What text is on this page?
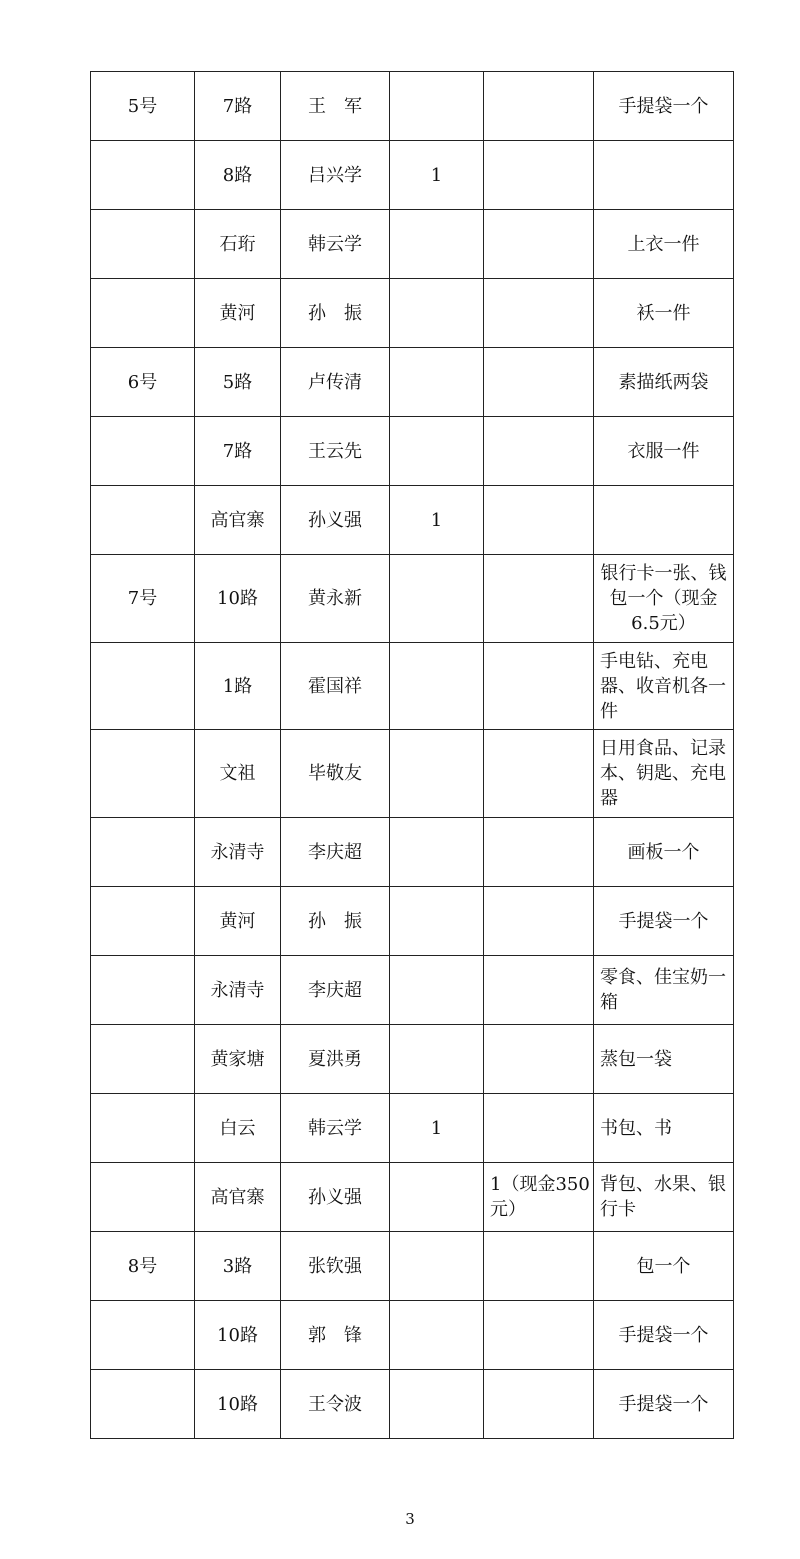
5号	7路	王　军			手提袋一个
	8路	吕兴学	1		
	石珩	韩云学			上衣一件
	黄河	孙　振			袄一件
6号	5路	卢传清			素描纸两袋
	7路	王云先			衣服一件
	高官寨	孙义强	1		
7号	10路	黄永新			银行卡一张、钱包一个（现金6.5元）
	1路	霍国祥			手电钻、充电器、收音机各一件
	文祖	毕敬友			日用食品、记录本、钥匙、充电器
	永清寺	李庆超			画板一个
	黄河	孙　振			手提袋一个
	永清寺	李庆超			零食、佳宝奶一箱
	黄家塘	夏洪勇			蒸包一袋
	白云	韩云学	1		书包、书
	高官寨	孙义强		1（现金350元）	背包、水果、银行卡
8号	3路	张钦强			包一个
	10路	郭　锋			手提袋一个
	10路	王令波			手提袋一个
3
